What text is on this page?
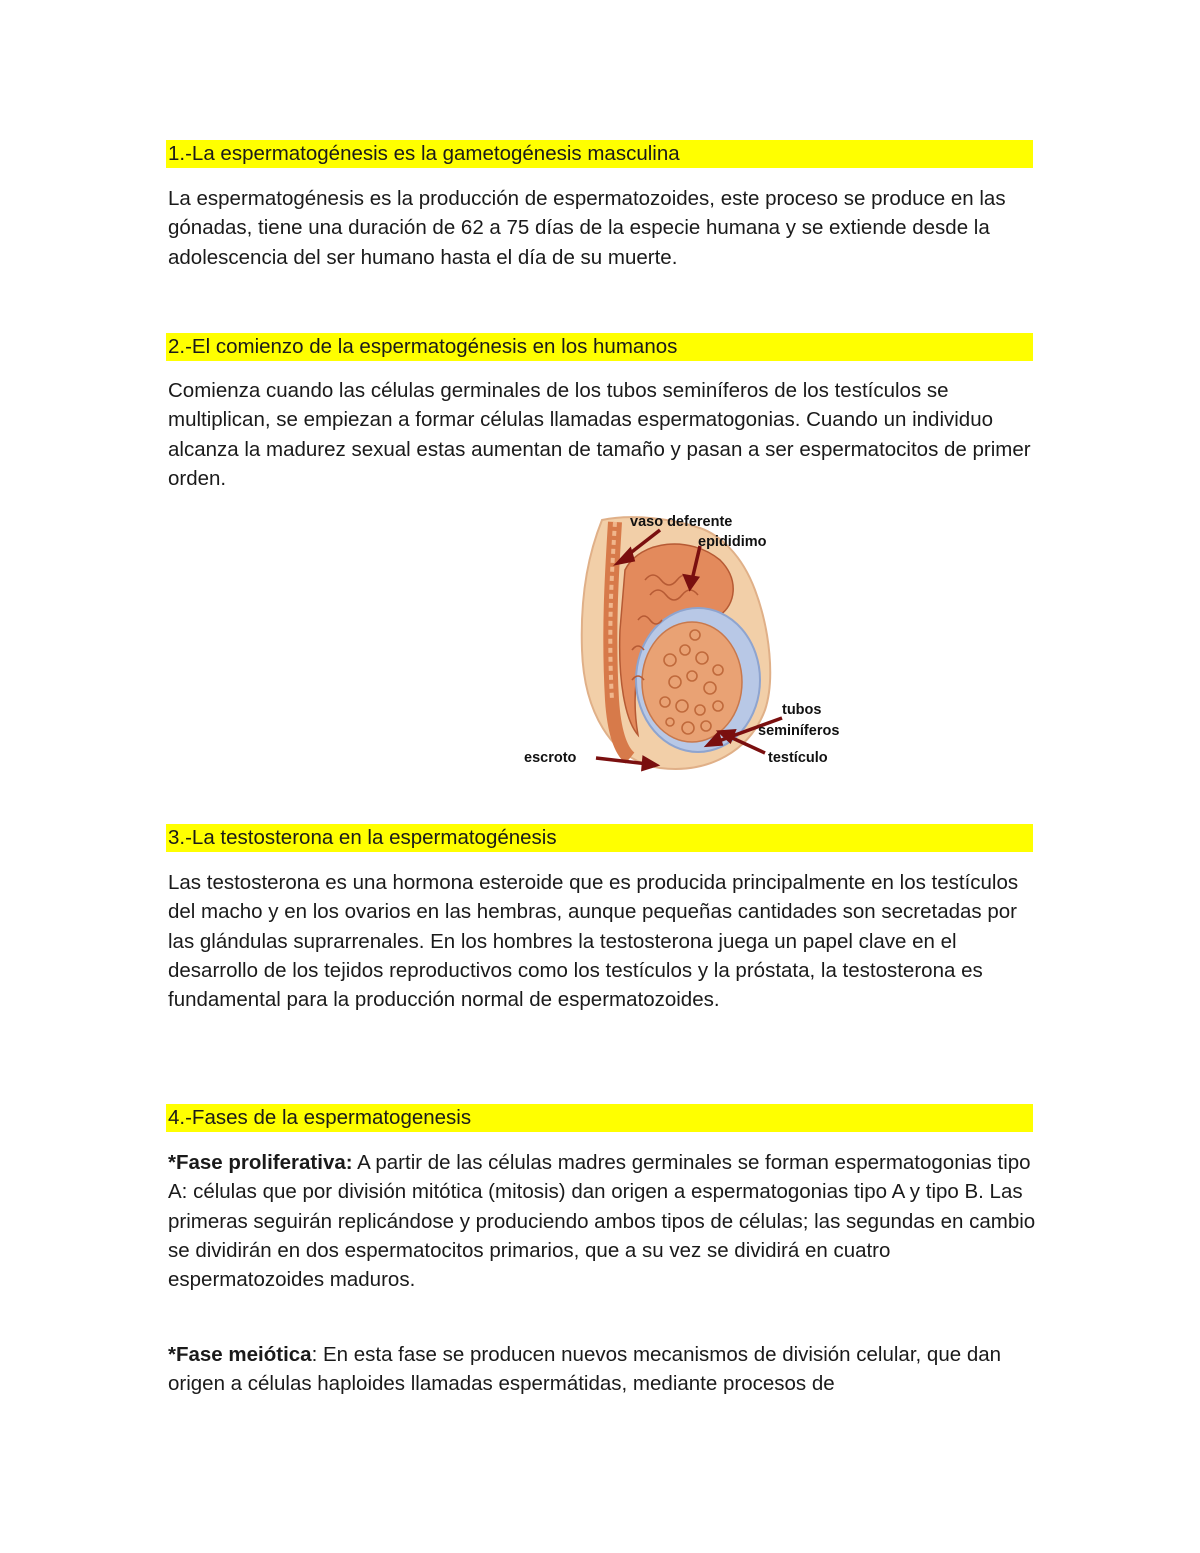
1.-La espermatogénesis es la gametogénesis masculina

La espermatogénesis es la producción de espermatozoides, este proceso se produce en las gónadas, tiene una duración de 62 a 75 días de la especie humana y se extiende desde la adolescencia del ser humano hasta el día de su muerte.

2.-El comienzo de la espermatogénesis en los humanos

Comienza cuando las células germinales de los tubos seminíferos de los testículos se multiplican, se empiezan a formar células llamadas espermatogonias. Cuando un individuo alcanza la madurez sexual estas aumentan de tamaño y pasan a ser espermatocitos de primer orden.

vaso deferente
epididimo
tubos
seminíferos
testículo
escroto
3.-La testosterona en la espermatogénesis

Las testosterona es una hormona esteroide que es producida principalmente en los testículos del macho y en los ovarios en las hembras, aunque pequeñas cantidades son secretadas por las glándulas suprarrenales. En los hombres la testosterona juega un papel clave en el desarrollo de los tejidos reproductivos como los testículos y la próstata, la testosterona es fundamental para la producción normal de espermatozoides.

4.-Fases de la espermatogenesis

*Fase proliferativa: A partir de las células madres germinales se forman espermatogonias tipo A: células que por división mitótica (mitosis) dan origen a espermatogonias tipo A y tipo B. Las primeras seguirán replicándose y produciendo ambos tipos de células; las segundas en cambio se dividirán en dos espermatocitos primarios, que a su vez se dividirá en cuatro espermatozoides maduros.

*Fase meiótica: En esta fase se producen nuevos mecanismos de división celular, que dan origen a células haploides llamadas espermátidas, mediante procesos de
